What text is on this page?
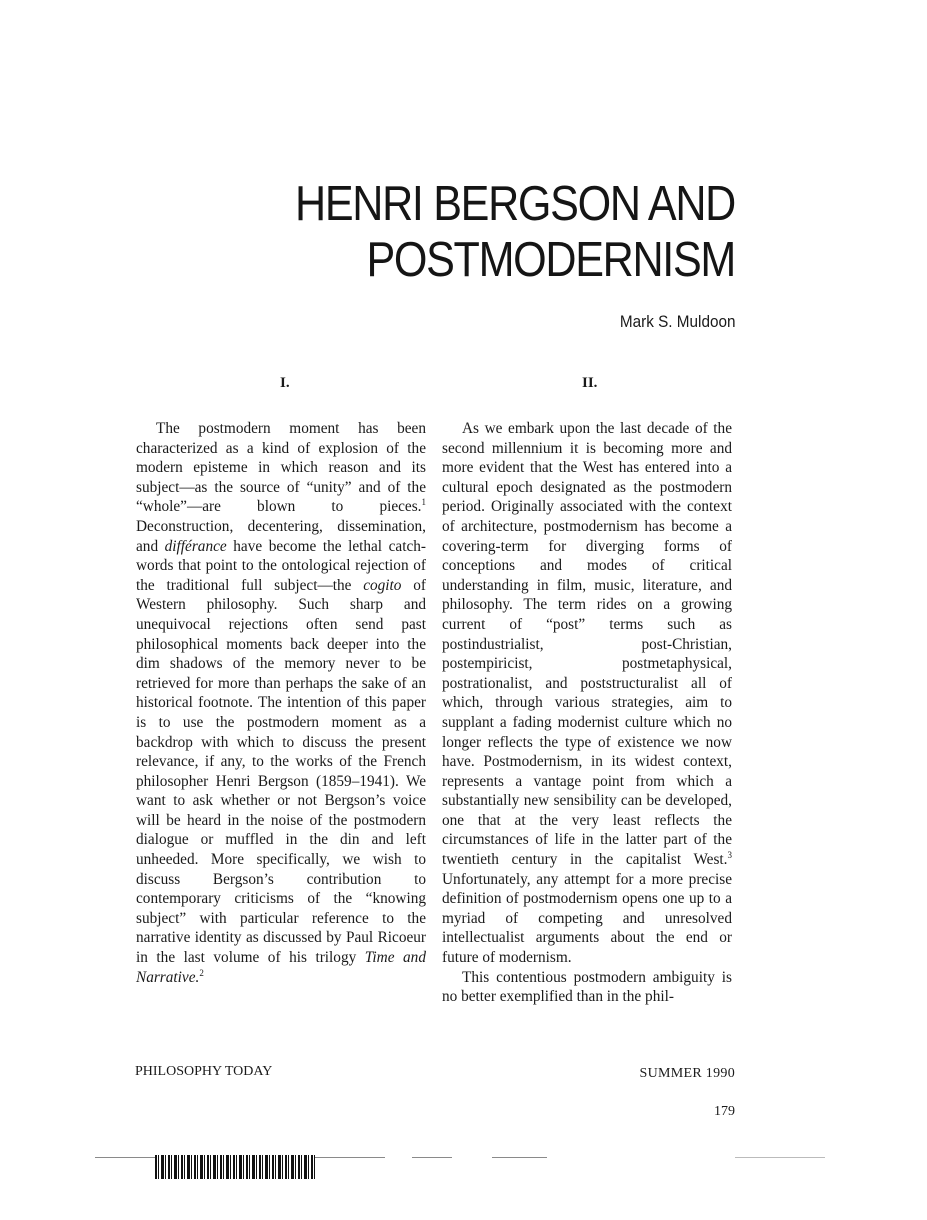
HENRI BERGSON AND
POSTMODERNISM
Mark S. Muldoon
I.	II.

The postmodern moment has been characterized as a kind of explosion of the modern episteme in which reason and its subject—as the source of “unity” and of the “whole”—are blown to pieces.$^1$ Deconstruction, decentering, dissemination, and différance have become the lethal catch-words that point to the ontological rejection of the traditional full subject—the cogito of Western philosophy. Such sharp and unequivocal rejections often send past philosophical moments back deeper into the dim shadows of the memory never to be retrieved for more than perhaps the sake of an historical footnote. The intention of this paper is to use the postmodern moment as a backdrop with which to discuss the present relevance, if any, to the works of the French philosopher Henri Bergson (1859–1941). We want to ask whether or not Bergson’s voice will be heard in the noise of the postmodern dialogue or muffled in the din and left unheeded. More specifically, we wish to discuss Bergson’s contribution to contemporary criticisms of the “knowing subject” with particular reference to the narrative identity as discussed by Paul Ricoeur in the last volume of his trilogy Time and Narrative.$^2$

As we embark upon the last decade of the second millennium it is becoming more and more evident that the West has entered into a cultural epoch designated as the postmodern period. Originally associated with the context of architecture, postmodernism has become a covering-term for diverging forms of conceptions and modes of critical understanding in film, music, literature, and philosophy. The term rides on a growing current of “post” terms such as postindustrialist, post-Christian, postempiricist, postmetaphysical, postrationalist, and poststructuralist all of which, through various strategies, aim to supplant a fading modernist culture which no longer reflects the type of existence we now have. Postmodernism, in its widest context, represents a vantage point from which a substantially new sensibility can be developed, one that at the very least reflects the circumstances of life in the latter part of the twentieth century in the capitalist West.$^3$ Unfortunately, any attempt for a more precise definition of postmodernism opens one up to a myriad of competing and unresolved intellectualist arguments about the end or future of modernism.

This contentious postmodern ambiguity is no better exemplified than in the phil-

PHILOSOPHY TODAY	SUMMER 1990
179
